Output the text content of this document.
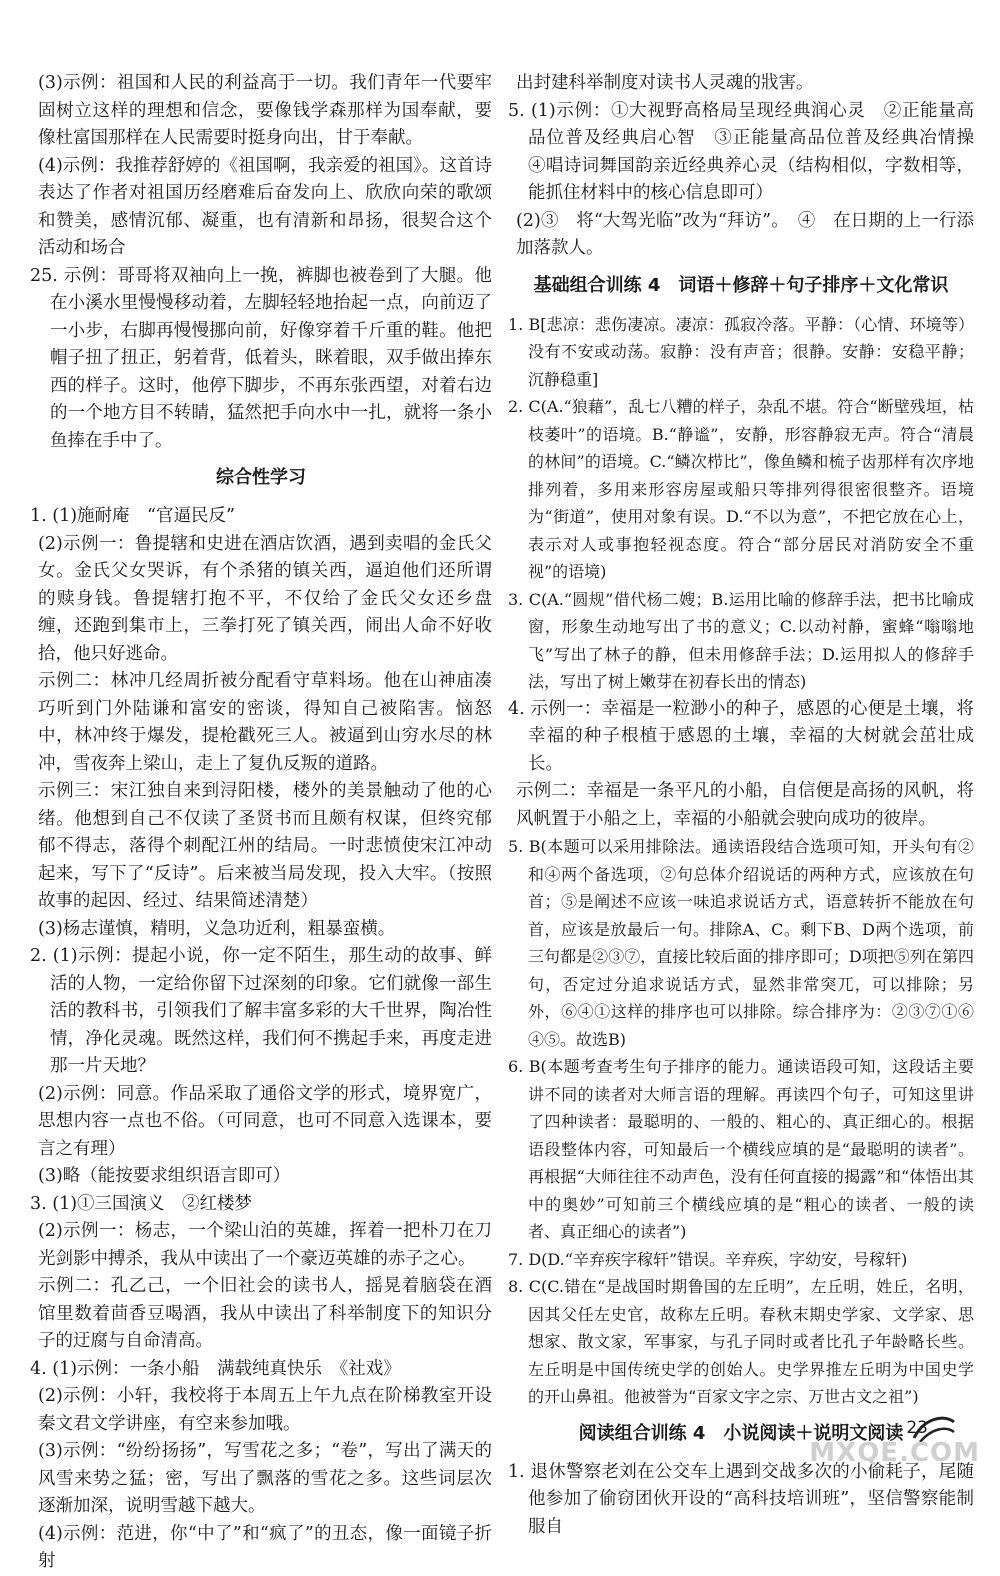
(3)示例：祖国和人民的利益高于一切。我们青年一代要牢固树立这样的理想和信念，要像钱学森那样为国奉献，要像杜富国那样在人民需要时挺身向出，甘于奉献。

(4)示例：我推荐舒婷的《祖国啊，我亲爱的祖国》。这首诗表达了作者对祖国历经磨难后奋发向上、欣欣向荣的歌颂和赞美，感情沉郁、凝重，也有清新和昂扬，很契合这个活动和场合

25. 示例：哥哥将双袖向上一挽，裤脚也被卷到了大腿。他在小溪水里慢慢移动着，左脚轻轻地抬起一点，向前迈了一小步，右脚再慢慢挪向前，好像穿着千斤重的鞋。他把帽子扭了扭正，躬着背，低着头，眯着眼，双手做出捧东西的样子。这时，他停下脚步，不再东张西望，对着右边的一个地方目不转睛，猛然把手向水中一扎，就将一条小鱼捧在手中了。

综合性学习

1. (1)施耐庵　“官逼民反”

(2)示例一：鲁提辖和史进在酒店饮酒，遇到卖唱的金氏父女。金氏父女哭诉，有个杀猪的镇关西，逼迫他们还所谓的赎身钱。鲁提辖打抱不平，不仅给了金氏父女还乡盘缠，还跑到集市上，三拳打死了镇关西，闹出人命不好收拾，他只好逃命。

示例二：林冲几经周折被分配看守草料场。他在山神庙凑巧听到门外陆谦和富安的密谈，得知自己被陷害。恼怒中，林冲终于爆发，提枪戳死三人。被逼到山穷水尽的林冲，雪夜奔上梁山，走上了复仇反叛的道路。

示例三：宋江独自来到浔阳楼，楼外的美景触动了他的心绪。他想到自己不仅读了圣贤书而且颇有权谋，但终究郁郁不得志，落得个刺配江州的结局。一时悲愤使宋江冲动起来，写下了“反诗”。后来被当局发现，投入大牢。（按照故事的起因、经过、结果简述清楚）

(3)杨志谨慎，精明，义急功近利，粗暴蛮横。

2. (1)示例：提起小说，你一定不陌生，那生动的故事、鲜活的人物，一定给你留下过深刻的印象。它们就像一部生活的教科书，引领我们了解丰富多彩的大千世界，陶冶性情，净化灵魂。既然这样，我们何不携起手来，再度走进那一片天地？

(2)示例：同意。作品采取了通俗文学的形式，境界宽广，思想内容一点也不俗。（可同意，也可不同意入选课本，要言之有理）

(3)略（能按要求组织语言即可）

3. (1)①三国演义　②红楼梦

(2)示例一：杨志，一个梁山泊的英雄，挥着一把朴刀在刀光剑影中搏杀，我从中读出了一个豪迈英雄的赤子之心。

示例二：孔乙己，一个旧社会的读书人，摇晃着脑袋在酒馆里数着茴香豆喝酒，我从中读出了科举制度下的知识分子的迂腐与自命清高。

4. (1)示例：一条小船　满载纯真快乐　《社戏》

(2)示例：小轩，我校将于本周五上午九点在阶梯教室开设秦文君文学讲座，有空来参加哦。

(3)示例：“纷纷扬扬”，写雪花之多；“卷”，写出了满天的风雪来势之猛；密，写出了飘落的雪花之多。这些词层次逐渐加深，说明雪越下越大。

(4)示例：范进，你“中了”和“疯了”的丑态，像一面镜子折射

出封建科举制度对读书人灵魂的戕害。

5. (1)示例：①大视野高格局呈现经典润心灵　②正能量高品位普及经典启心智　③正能量高品位普及经典冶情操　④唱诗词舞国韵亲近经典养心灵（结构相似，字数相等，能抓住材料中的核心信息即可）

(2)③　将“大驾光临”改为“拜访”。　④　在日期的上一行添加落款人。

基础组合训练 4　词语＋修辞＋句子排序＋文化常识

1. B[悲凉：悲伤凄凉。凄凉：孤寂冷落。平静：（心情、环境等）没有不安或动荡。寂静：没有声音；很静。安静：安稳平静；沉静稳重]

2. C(A.“狼藉”，乱七八糟的样子，杂乱不堪。符合“断壁残垣，枯枝萎叶”的语境。B.“静谧”，安静，形容静寂无声。符合“清晨的林间”的语境。C.“鳞次栉比”，像鱼鳞和梳子齿那样有次序地排列着，多用来形容房屋或船只等排列得很密很整齐。语境为“街道”，使用对象有误。D.“不以为意”，不把它放在心上，表示对人或事抱轻视态度。符合“部分居民对消防安全不重视”的语境)

3. C(A.“圆规”借代杨二嫂；B.运用比喻的修辞手法，把书比喻成窗，形象生动地写出了书的意义；C.以动衬静，蜜蜂“嗡嗡地飞”写出了林子的静，但未用修辞手法；D.运用拟人的修辞手法，写出了树上嫩芽在初春长出的情态)

4. 示例一：幸福是一粒渺小的种子，感恩的心便是土壤，将幸福的种子根植于感恩的土壤，幸福的大树就会茁壮成长。

示例二：幸福是一条平凡的小船，自信便是高扬的风帆，将风帆置于小船之上，幸福的小船就会驶向成功的彼岸。

5. B(本题可以采用排除法。通读语段结合选项可知，开头句有②和④两个备选项，②句总体介绍说话的两种方式，应该放在句首；⑤是阐述不应该一味追求说话方式，语意转折不能放在句首，应该是放最后一句。排除A、C。剩下B、D两个选项，前三句都是②③⑦，直接比较后面的排序即可；D项把⑤列在第四句，否定过分追求说话方式，显然非常突兀，可以排除；另外，⑥④①这样的排序也可以排除。综合排序为：②③⑦①⑥④⑤。故选B)

6. B(本题考查考生句子排序的能力。通读语段可知，这段话主要讲不同的读者对大师言语的理解。再读四个句子，可知这里讲了四种读者：最聪明的、一般的、粗心的、真正细心的。根据语段整体内容，可知最后一个横线应填的是“最聪明的读者”。再根据“大师往往不动声色，没有任何直接的揭露”和“体悟出其中的奥妙”可知前三个横线应填的是“粗心的读者、一般的读者、真正细心的读者”)

7. D(D.“辛弃疾字稼轩”错误。辛弃疾，字幼安，号稼轩)

8. C(C.错在“是战国时期鲁国的左丘明”，左丘明，姓丘，名明，因其父任左史官，故称左丘明。春秋末期史学家、文学家、思想家、散文家，军事家，与孔子同时或者比孔子年龄略长些。左丘明是中国传统史学的创始人。史学界推左丘明为中国史学的开山鼻祖。他被誉为“百家文字之宗、万世古文之祖”)

阅读组合训练 4　小说阅读＋说明文阅读

1. 退休警察老刘在公交车上遇到交战多次的小偷耗子，尾随他参加了偷窃团伙开设的“高科技培训班”，坚信警察能制服自

23
MXQE.COM
